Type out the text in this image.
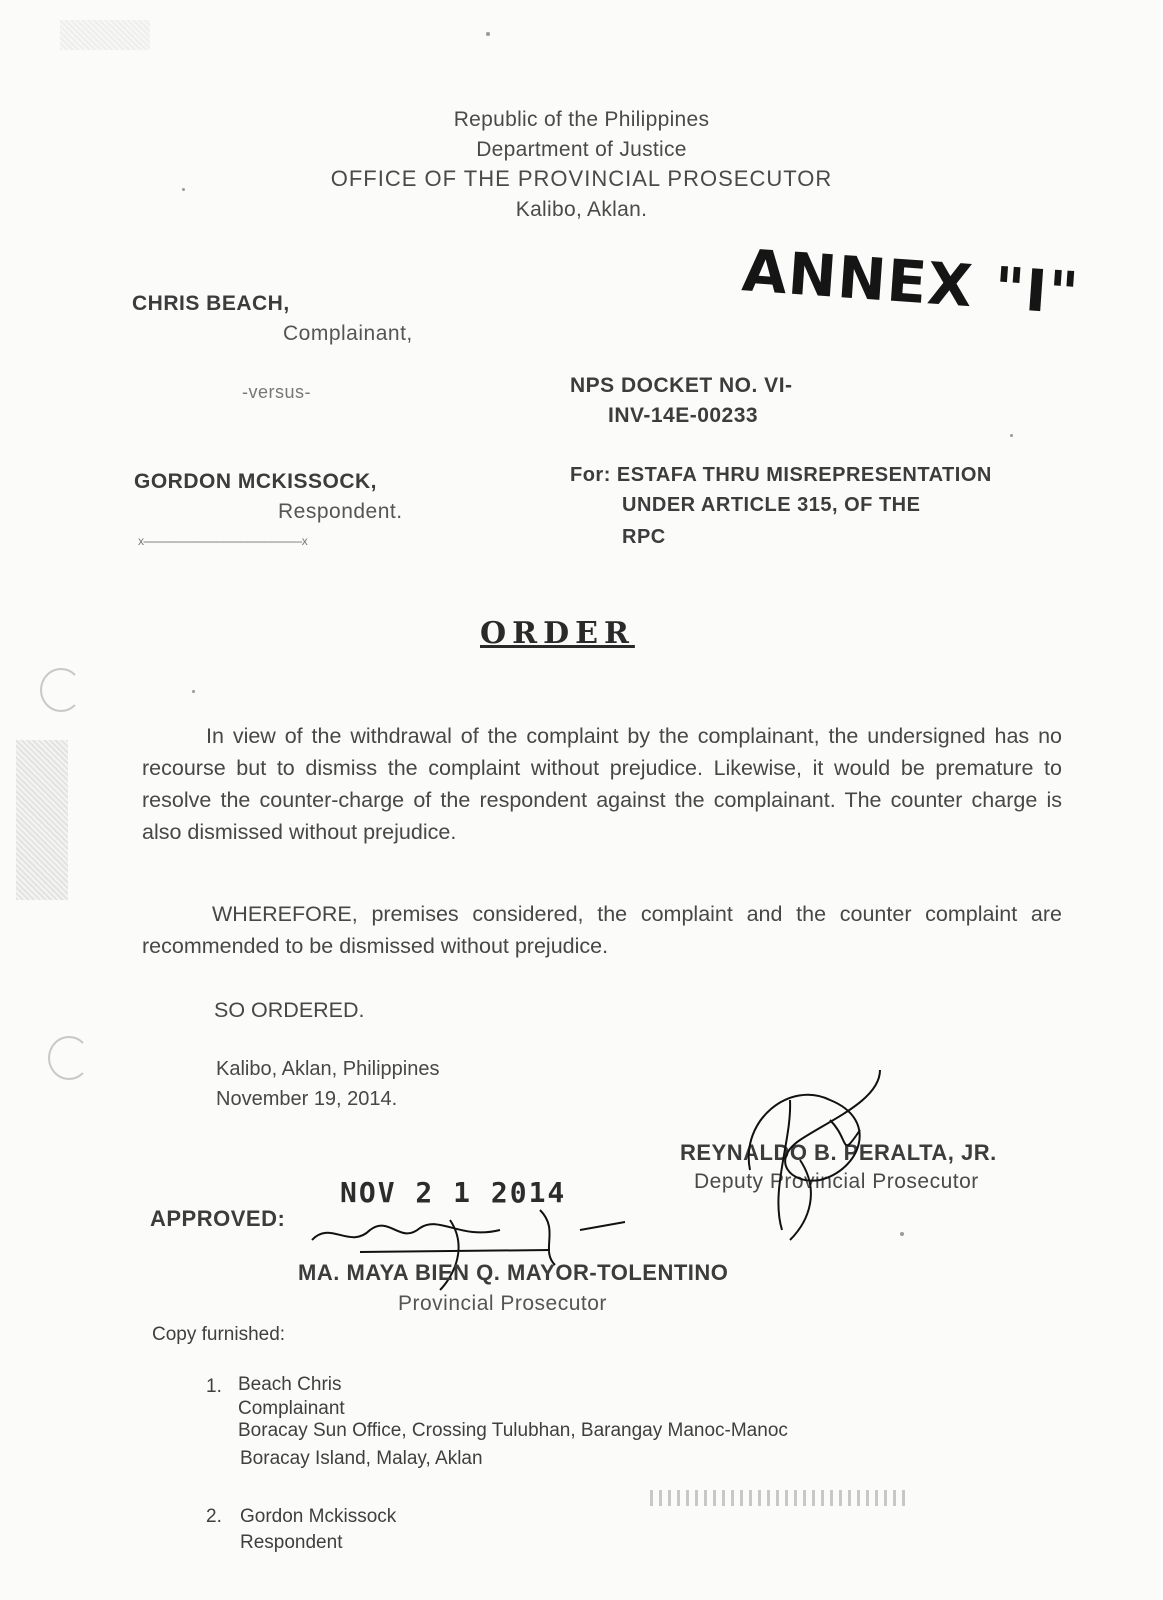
Republic of the Philippines
Department of Justice
OFFICE OF THE PROVINCIAL PROSECUTOR
Kalibo, Aklan.
ANNEX "I"
CHRIS BEACH,
Complainant,
-versus-
GORDON MCKISSOCK,
Respondent.
x-----------------------------------------------------x
NPS DOCKET NO. VI-
INV-14E-00233
For: ESTAFA THRU MISREPRESENTATION
UNDER ARTICLE 315, OF THE
RPC
ORDER
In view of the withdrawal of the complaint by the complainant, the undersigned has no recourse but to dismiss the complaint without prejudice. Likewise, it would be premature to resolve the counter-charge of the respondent against the complainant. The counter charge is also dismissed without prejudice.
WHEREFORE, premises considered, the complaint and the counter complaint are recommended to be dismissed without prejudice.
SO ORDERED.
Kalibo, Aklan, Philippines
November 19, 2014.
REYNALDO B. PERALTA, JR.
Deputy Provincial Prosecutor
APPROVED:
NOV 2 1 2014
MA. MAYA BIEN Q. MAYOR-TOLENTINO
Provincial Prosecutor
Copy furnished:
1. Beach Chris
Complainant
Boracay Sun Office, Crossing Tulubhan, Barangay Manoc-Manoc
Boracay Island, Malay, Aklan
2. Gordon Mckissock
Respondent
